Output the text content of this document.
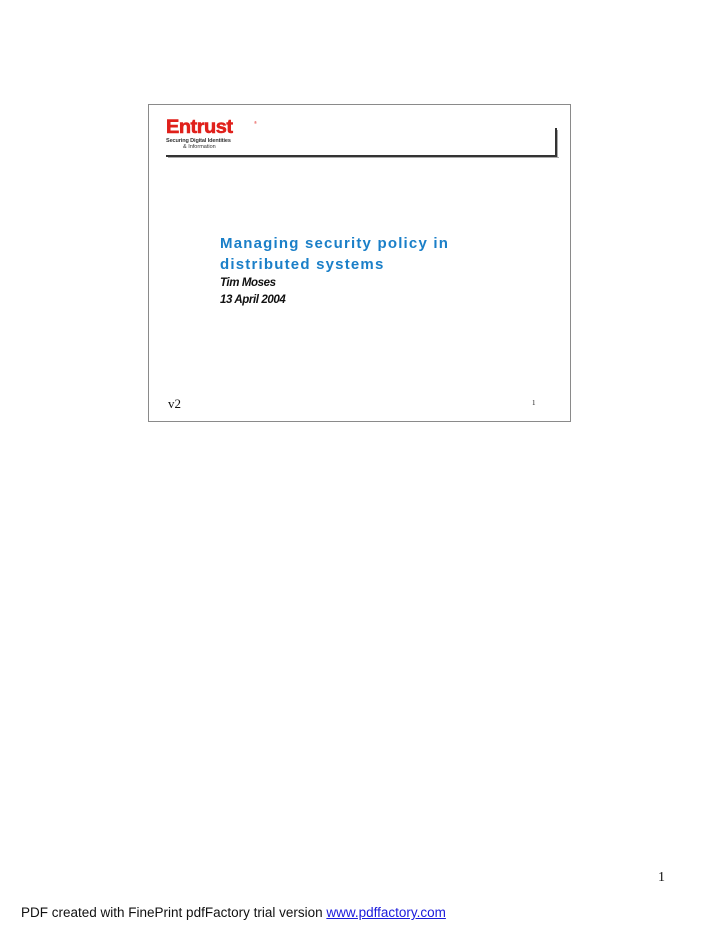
Entrust	®
Securing Digital Identities
& Information
Managing security policy in
distributed systems
Tim Moses
13 April 2004
v2	1
1
PDF created with FinePrint pdfFactory trial version www.pdffactory.com
